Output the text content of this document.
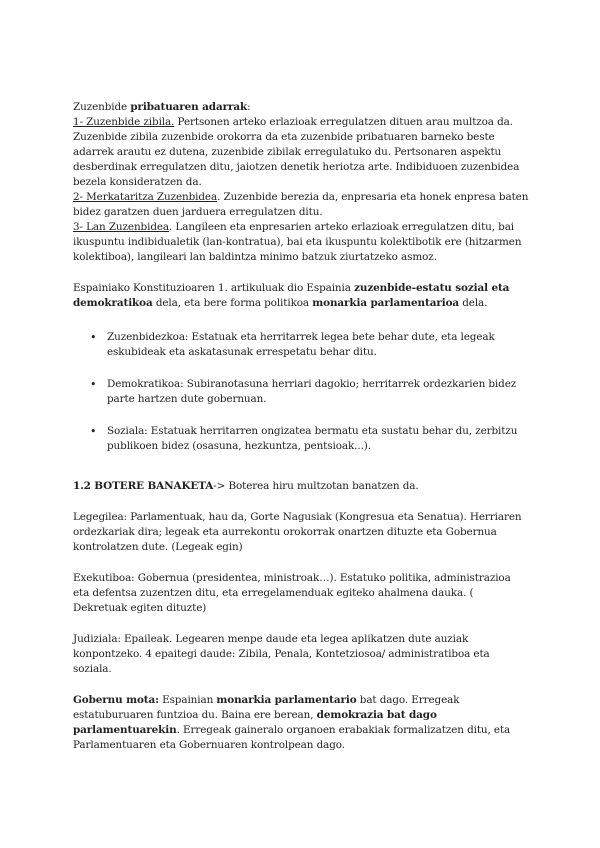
Zuzenbide pribatuaren adarrak:

1- Zuzenbide zibila. Pertsonen arteko erlazioak erregulatzen dituen arau multzoa da. Zuzenbide zibila zuzenbide orokorra da eta zuzenbide pribatuaren barneko beste adarrek arautu ez dutena, zuzenbide zibilak erregulatuko du. Pertsonaren aspektu desberdinak erregulatzen ditu, jaiotzen denetik heriotza arte. Indibiduoen zuzenbidea bezela konsideratzen da.

2- Merkataritza Zuzenbidea. Zuzenbide berezia da, enpresaria eta honek enpresa baten bidez garatzen duen jarduera erregulatzen ditu.

3- Lan Zuzenbidea. Langileen eta enpresarien arteko erlazioak erregulatzen ditu, bai ikuspuntu indibidualetik (lan-kontratua), bai eta ikuspuntu kolektibotik ere (hitzarmen kolektiboa), langileari lan baldintza minimo batzuk ziurtatzeko asmoz.

Espainiako Konstituzioaren 1. artikuluak dio Espainia zuzenbide-estatu sozial eta demokratikoa dela, eta bere forma politikoa monarkia parlamentarioa dela.

• Zuzenbidezkoa: Estatuak eta herritarrek legea bete behar dute, eta legeak eskubideak eta askatasunak errespetatu behar ditu.
• Demokratikoa: Subiranotasuna herriari dagokio; herritarrek ordezkarien bidez parte hartzen dute gobernuan.
• Soziala: Estatuak herritarren ongizatea bermatu eta sustatu behar du, zerbitzu publikoen bidez (osasuna, hezkuntza, pentsioak...).

1.2 BOTERE BANAKETA-> Boterea hiru multzotan banatzen da.

Legegilea: Parlamentuak, hau da, Gorte Nagusiak (Kongresua eta Senatua). Herriaren ordezkariak dira; legeak eta aurrekontu orokorrak onartzen dituzte eta Gobernua kontrolatzen dute. (Legeak egin)

Exekutiboa: Gobernua (presidentea, ministroak…). Estatuko politika, administrazioa eta defentsa zuzentzen ditu, eta erregelamenduak egiteko ahalmena dauka. ( Dekretuak egiten dituzte)

Judiziala: Epaileak. Legearen menpe daude eta legea aplikatzen dute auziak konpontzeko. 4 epaitegi daude: Zibila, Penala, Kontetziosoa/ administratiboa eta soziala.

Gobernu mota: Espainian monarkia parlamentario bat dago. Erregeak estatuburuaren funtzioa du. Baina ere berean, demokrazia bat dago parlamentuarekin. Erregeak gaineralo organoen erabakiak formalizatzen ditu, eta Parlamentuaren eta Gobernuaren kontrolpean dago.
